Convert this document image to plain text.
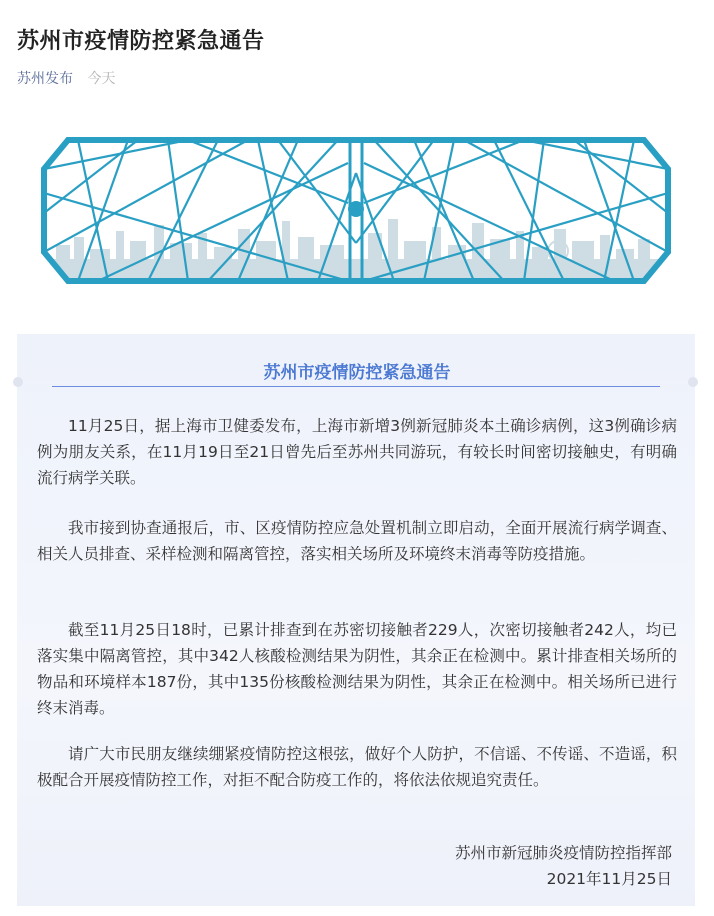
苏州市疫情防控紧急通告
苏州发布 今天
苏州市疫情防控紧急通告

11月25日，据上海市卫健委发布，上海市新增3例新冠肺炎本土确诊病例，这3例确诊病例为朋友关系，在11月19日至21日曾先后至苏州共同游玩，有较长时间密切接触史，有明确流行病学关联。

我市接到协查通报后，市、区疫情防控应急处置机制立即启动，全面开展流行病学调查、相关人员排查、采样检测和隔离管控，落实相关场所及环境终末消毒等防疫措施。

截至11月25日18时，已累计排查到在苏密切接触者229人，次密切接触者242人，均已落实集中隔离管控，其中342人核酸检测结果为阴性，其余正在检测中。累计排查相关场所的物品和环境样本187份，其中135份核酸检测结果为阴性，其余正在检测中。相关场所已进行终末消毒。

请广大市民朋友继续绷紧疫情防控这根弦，做好个人防护，不信谣、不传谣、不造谣，积极配合开展疫情防控工作，对拒不配合防疫工作的，将依法依规追究责任。

苏州市新冠肺炎疫情防控指挥部
2021年11月25日
